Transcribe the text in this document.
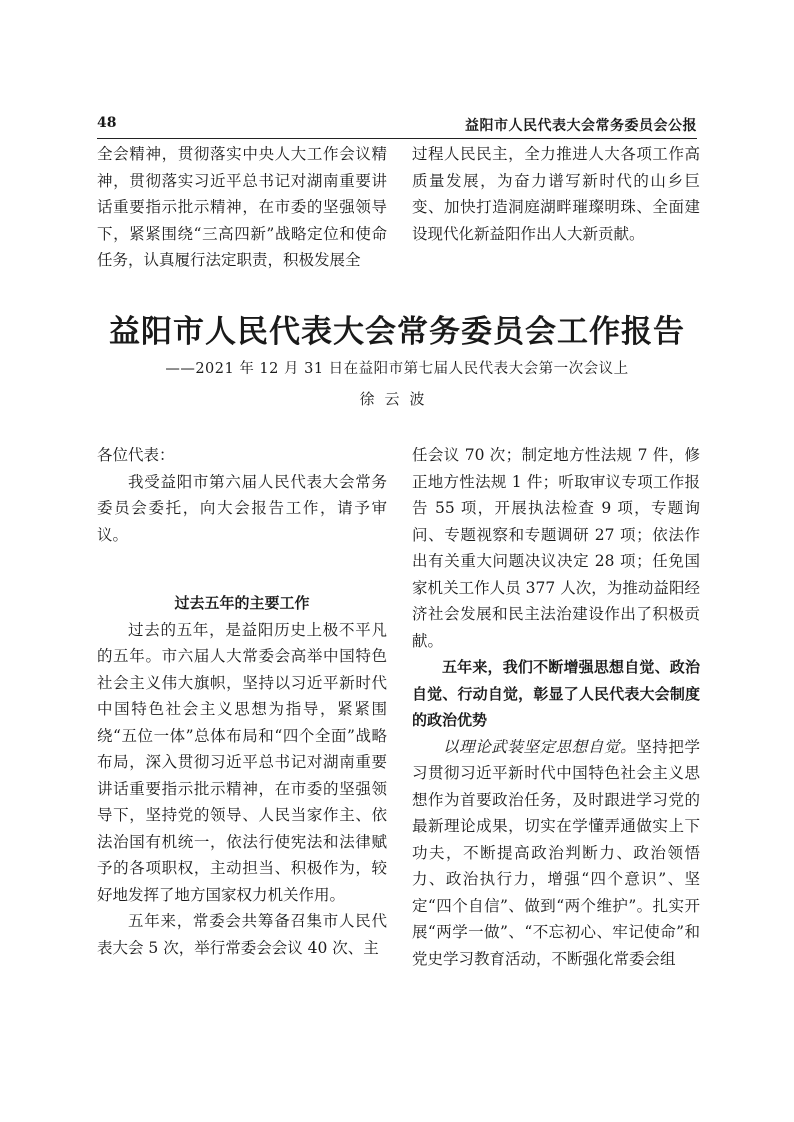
48	益阳市人民代表大会常务委员会公报

全会精神，贯彻落实中央人大工作会议精神，贯彻落实习近平总书记对湖南重要讲话重要指示批示精神，在市委的坚强领导下，紧紧围绕“三高四新”战略定位和使命任务，认真履行法定职责，积极发展全

过程人民民主，全力推进人大各项工作高质量发展，为奋力谱写新时代的山乡巨变、加快打造洞庭湖畔璀璨明珠、全面建设现代化新益阳作出人大新贡献。

益阳市人民代表大会常务委员会工作报告

——2021 年 12 月 31 日在益阳市第七届人民代表大会第一次会议上

徐云波

各位代表：

我受益阳市第六届人民代表大会常务委员会委托，向大会报告工作，请予审议。

过去五年的主要工作

过去的五年，是益阳历史上极不平凡的五年。市六届人大常委会高举中国特色社会主义伟大旗帜，坚持以习近平新时代中国特色社会主义思想为指导，紧紧围绕“五位一体”总体布局和“四个全面”战略布局，深入贯彻习近平总书记对湖南重要讲话重要指示批示精神，在市委的坚强领导下，坚持党的领导、人民当家作主、依法治国有机统一，依法行使宪法和法律赋予的各项职权，主动担当、积极作为，较好地发挥了地方国家权力机关作用。

五年来，常委会共筹备召集市人民代表大会 5 次，举行常委会会议 40 次、主

任会议 70 次；制定地方性法规 7 件，修正地方性法规 1 件；听取审议专项工作报告 55 项，开展执法检查 9 项，专题询问、专题视察和专题调研 27 项；依法作出有关重大问题决议决定 28 项；任免国家机关工作人员 377 人次，为推动益阳经济社会发展和民主法治建设作出了积极贡献。

五年来，我们不断增强思想自觉、政治自觉、行动自觉，彰显了人民代表大会制度的政治优势

以理论武装坚定思想自觉。坚持把学习贯彻习近平新时代中国特色社会主义思想作为首要政治任务，及时跟进学习党的最新理论成果，切实在学懂弄通做实上下功夫，不断提高政治判断力、政治领悟力、政治执行力，增强“四个意识”、坚定“四个自信”、做到“两个维护”。扎实开展“两学一做”、“不忘初心、牢记使命”和党史学习教育活动，不断强化常委会组
